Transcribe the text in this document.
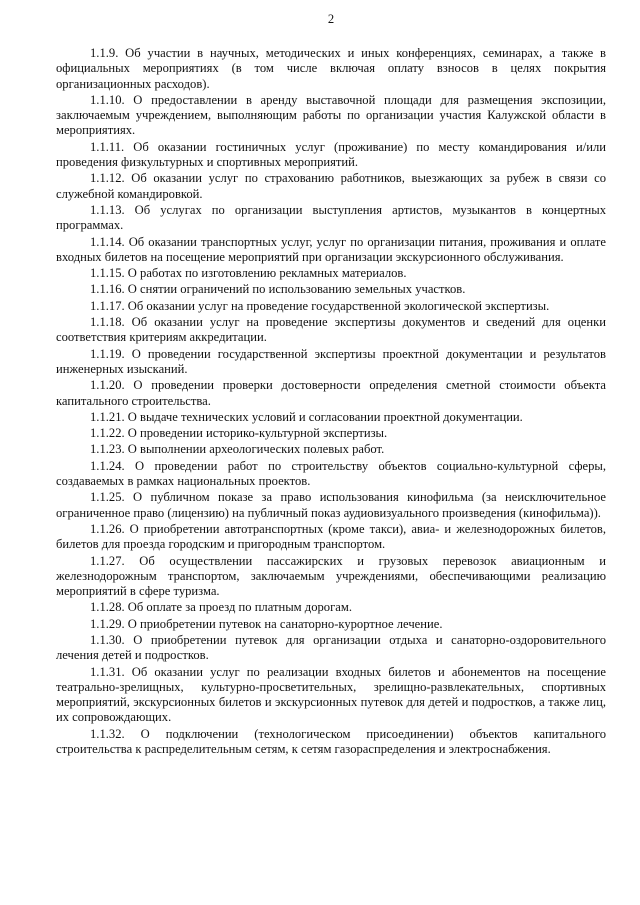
2

1.1.9. Об участии в научных, методических и иных конференциях, семинарах, а также в официальных мероприятиях (в том числе включая оплату взносов в целях покрытия организационных расходов).

1.1.10. О предоставлении в аренду выставочной площади для размещения экспозиции, заключаемым учреждением, выполняющим работы по организации участия Калужской области в мероприятиях.

1.1.11. Об оказании гостиничных услуг (проживание) по месту командирования и/или проведения физкультурных и спортивных мероприятий.

1.1.12. Об оказании услуг по страхованию работников, выезжающих за рубеж в связи со служебной командировкой.

1.1.13. Об услугах по организации выступления артистов, музыкантов в концертных программах.

1.1.14. Об оказании транспортных услуг, услуг по организации питания, проживания и оплате входных билетов на посещение мероприятий при организации экскурсионного обслуживания.

1.1.15. О работах по изготовлению рекламных материалов.

1.1.16. О снятии ограничений по использованию земельных участков.

1.1.17. Об оказании услуг на проведение государственной экологической экспертизы.

1.1.18. Об оказании услуг на проведение экспертизы документов и сведений для оценки соответствия критериям аккредитации.

1.1.19. О проведении государственной экспертизы проектной документации и результатов инженерных изысканий.

1.1.20. О проведении проверки достоверности определения сметной стоимости объекта капитального строительства.

1.1.21. О выдаче технических условий и согласовании проектной документации.

1.1.22. О проведении историко-культурной экспертизы.

1.1.23. О выполнении археологических полевых работ.

1.1.24. О проведении работ по строительству объектов социально-культурной сферы, создаваемых в рамках национальных проектов.

1.1.25. О публичном показе за право использования кинофильма (за неисключительное ограниченное право (лицензию) на публичный показ аудиовизуального произведения (кинофильма)).

1.1.26. О приобретении автотранспортных (кроме такси), авиа- и железнодорожных билетов, билетов для проезда городским и пригородным транспортом.

1.1.27. Об осуществлении пассажирских и грузовых перевозок авиационным и железнодорожным транспортом, заключаемым учреждениями, обеспечивающими реализацию мероприятий в сфере туризма.

1.1.28. Об оплате за проезд по платным дорогам.

1.1.29. О приобретении путевок на санаторно-курортное лечение.

1.1.30. О приобретении путевок для организации отдыха и санаторно-оздоровительного лечения детей и подростков.

1.1.31. Об оказании услуг по реализации входных билетов и абонементов на посещение театрально-зрелищных, культурно-просветительных, зрелищно-развлекательных, спортивных мероприятий, экскурсионных билетов и экскурсионных путевок для детей и подростков, а также лиц, их сопровождающих.

1.1.32. О подключении (технологическом присоединении) объектов капитального строительства к распределительным сетям, к сетям газораспределения и электроснабжения.
